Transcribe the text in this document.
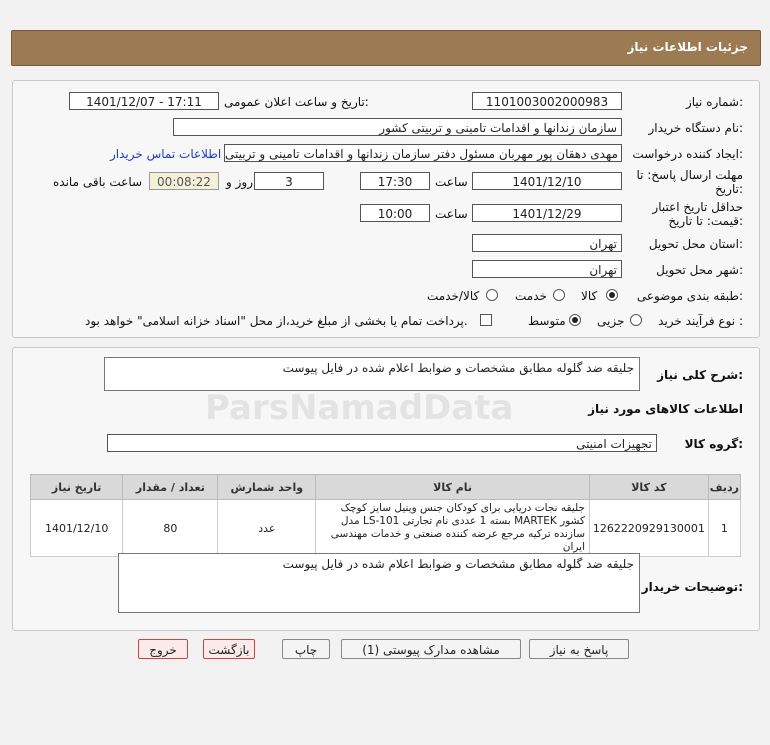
جزئیات اطلاعات نیاز
شماره نیاز:
1101003002000983
تاریخ و ساعت اعلان عمومی:
1401/12/07 - 17:11
نام دستگاه خریدار:
سازمان زندانها و اقدامات تامینی و تربیتی کشور
ایجاد کننده درخواست:
مهدی دهقان پور مهربان مسئول دفتر سازمان زندانها و اقدامات تامینی و تربیتی
اطلاعات تماس خریدار
مهلت ارسال پاسخ: تا تاریخ:
1401/12/10
ساعت
17:30
روز و	3
00:08:22
ساعت باقی مانده
حداقل تاریخ اعتبار قیمت: تا تاریخ:
1401/12/29
ساعت
10:00
استان محل تحویل:
تهران
شهر محل تحویل:
تهران
طبقه بندی موضوعی:
کالا
خدمت
کالا/خدمت
نوع فرآیند خرید :
جزیی
متوسط
پرداخت تمام یا بخشی از مبلغ خرید،از محل "اسناد خزانه اسلامی" خواهد بود.
شرح کلی نیاز:
جلیقه ضد گلوله مطابق مشخصات و ضوابط اعلام شده در فایل پیوست
اطلاعات کالاهای مورد نیاز
گروه کالا:
تجهیزات امنیتی
تاریخ نیاز	تعداد / مقدار	واحد شمارش	نام کالا	کد کالا	ردیف
1401/12/10	80	عدد	جلیقه نجات دریایی برای کودکان جنس وینیل سایز کوچک مدل LS-101 بسته 1 عددی نام تجارتی MARTEK کشور سازنده ترکیه مرجع عرضه کننده صنعتی و خدمات مهندسی ایران	1262220929130001	1
توضیحات خریدار:
جلیقه ضد گلوله مطابق مشخصات و ضوابط اعلام شده در فایل پیوست
پاسخ به نیاز
مشاهده مدارک پیوستی (1)
چاپ
بازگشت
خروج
